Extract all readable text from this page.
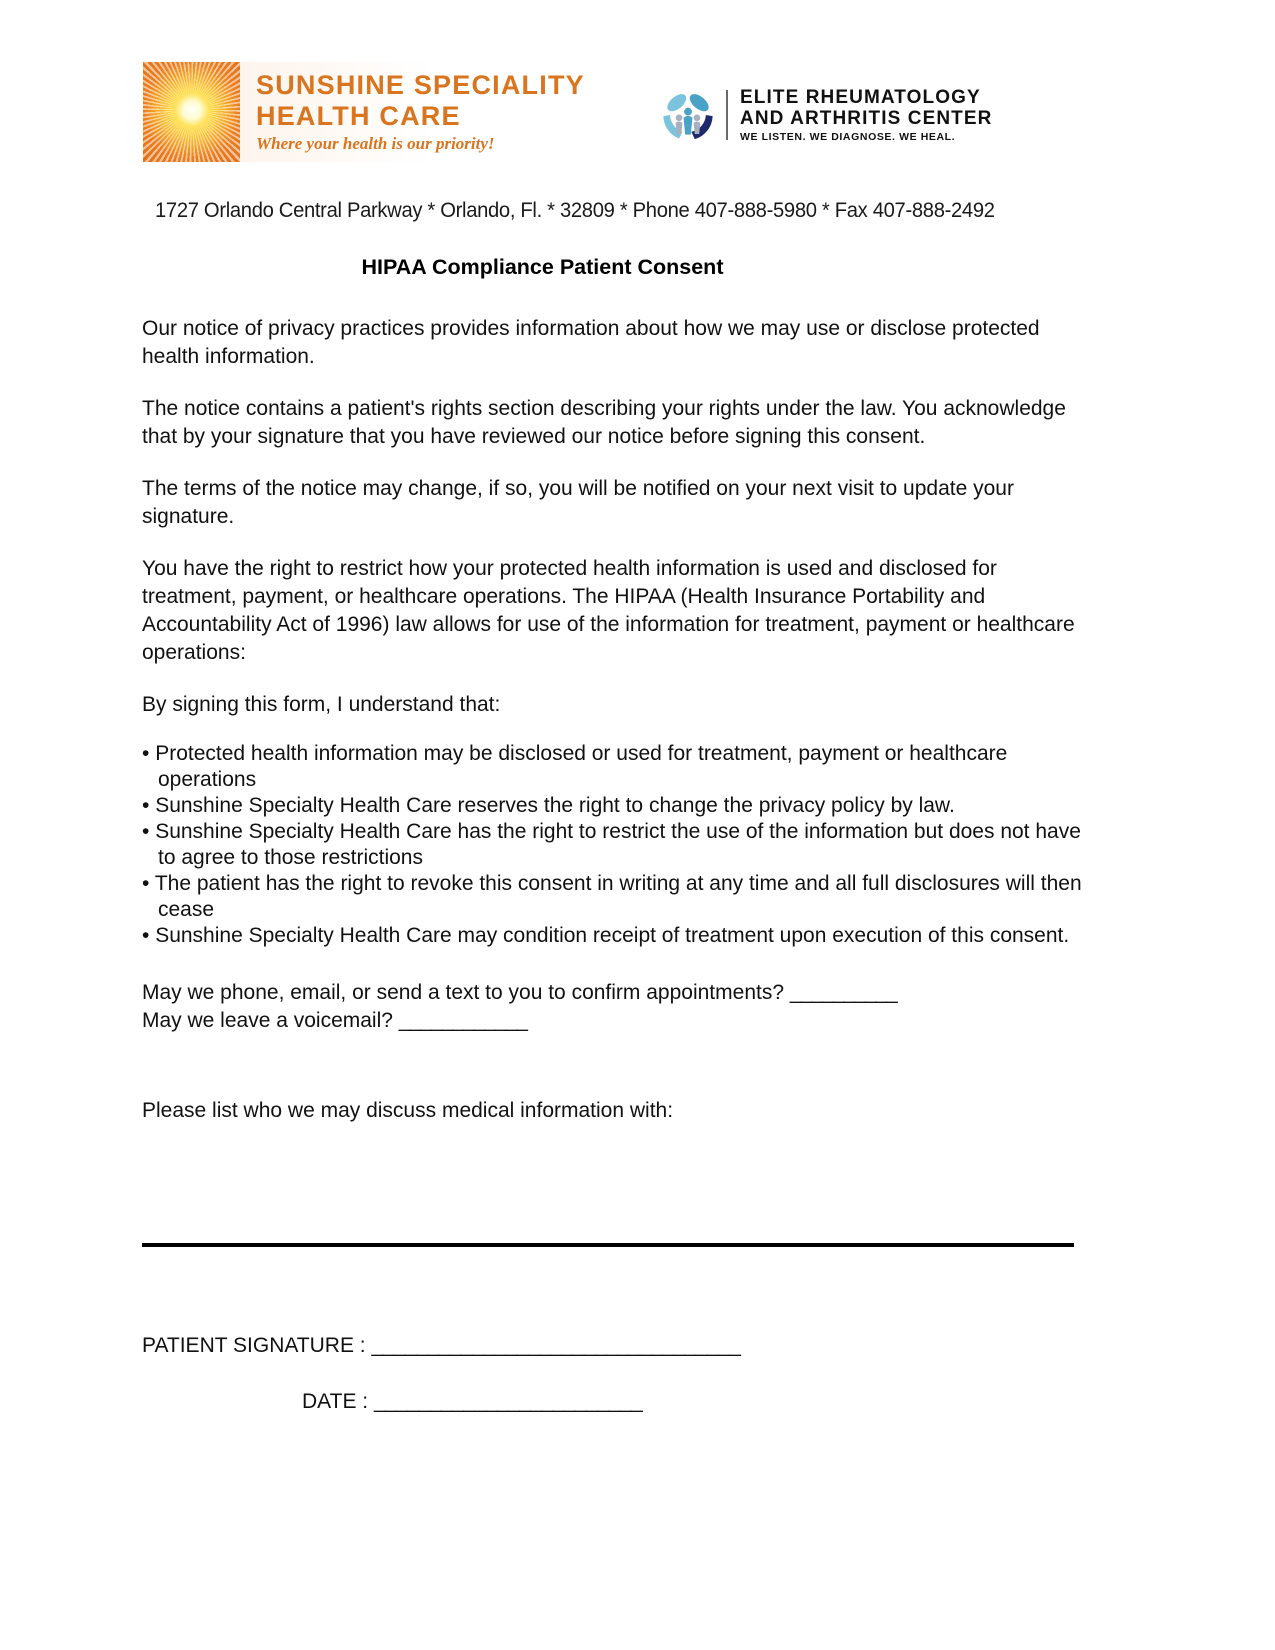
SUNSHINE SPECIALITY
HEALTH CARE
Where your health is our priority!
ELITE RHEUMATOLOGY
AND ARTHRITIS CENTER
WE LISTEN. WE DIAGNOSE. WE HEAL.
1727 Orlando Central Parkway * Orlando, Fl. * 32809 * Phone 407-888-5980 * Fax 407-888-2492
HIPAA Compliance Patient Consent

Our notice of privacy practices provides information about how we may use or disclose protected health information.

The notice contains a patient's rights section describing your rights under the law. You acknowledge that by your signature that you have reviewed our notice before signing this consent.

The terms of the notice may change, if so, you will be notified on your next visit to update your signature.

You have the right to restrict how your protected health information is used and disclosed for treatment, payment, or healthcare operations. The HIPAA (Health Insurance Portability and Accountability Act of 1996) law allows for use of the information for treatment, payment or healthcare operations:

By signing this form, I understand that:

• Protected health information may be disclosed or used for treatment, payment or healthcare operations
• Sunshine Specialty Health Care reserves the right to change the privacy policy by law.
• Sunshine Specialty Health Care has the right to restrict the use of the information but does not have to agree to those restrictions
• The patient has the right to revoke this consent in writing at any time and all full disclosures will then cease
• Sunshine Specialty Health Care may condition receipt of treatment upon execution of this consent.
May we phone, email, or send a text to you to confirm appointments? __________
May we leave a voicemail? ____________
Please list who we may discuss medical information with:
PATIENT SIGNATURE : _________________________________
DATE : ________________________
